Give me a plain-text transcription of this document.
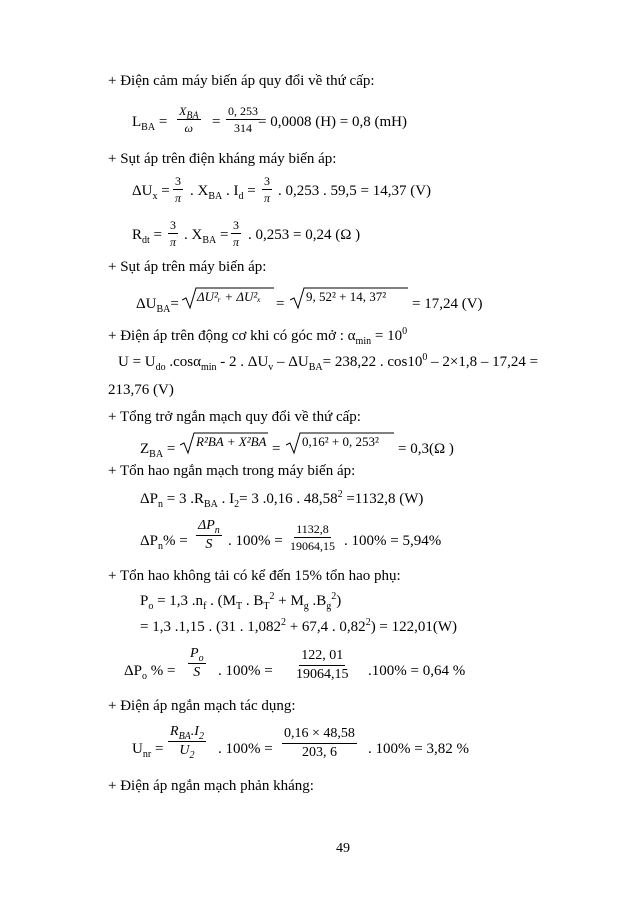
+ Điện cảm máy biến áp quy đổi về thứ cấp:
$L_{BA}$ =
$X_{BA}$
$\omega = \frac{0, 253}{314}$
= 0,0008 (H) = 0,8 (mH)
+ Sụt áp trên điện kháng máy biến áp:
$\Delta U_x = \frac{3}{\pi}$ . $X_{BA}$ . $I_d = \frac{3}{\pi}$ . 0,253 . 59,5 = 14,37 (V)
$R_{dt} = \frac{3}{\pi}$ . $X_{BA} = \frac{3}{\pi}$ . 0,253 = 0,24 (Ω )
+ Sụt áp trên máy biến áp:
$\Delta U_{BA}=$ ΔU²ᵣ + ΔU²ₓ = 9, 52² + 14, 37² = 17,24 (V)
+ Điện áp trên động cơ khi có góc mở : $\alpha_{min} = 10^0$
$U = U_{do}$ .cosα$_{min}$ - 2 . $\Delta U_v - \Delta U_{BA}= 238,22$ . $\cos 10^0 - 2\times 1,8 - 17,24$ =
213,76 (V)
+ Tổng trở ngắn mạch quy đổi về thứ cấp:
$Z_{BA} = R^2BA + X^2BA = 0,16^2 + 0$, 253² = 0,3(Ω )
+ Tổn hao ngắn mạch trong máy biến áp:
$\Delta P_n = 3$ $.R_{BA}$ . $I_2= 3$ .0,16 . $48,58^2 =1132,8$ (W)
$\Delta P_n\%$ =
$\Delta P_n$
S . $100\% = \frac{1132,8}{19064,15}$ . 100% = 5,94%
+ Tổn hao không tải có kể đến 15% tổn hao phụ:
$P_o = 1,3$ $.n_f$ . ($M_T$ . $B_T^2 + M_g$ $.B_g^2$)
= 1,3 .1,15 . (31 . $1,082^2 + 67,4$ . $0,82^2) = 122,01(W)$
$\Delta P_o$ % = $\frac{P_o}{S}$ . $100\% = \frac{122, 01}{19064,15} .100\% = 0,64$ %
+ Điện áp ngắn mạch tác dụng:
$U_{nr}$ =
$R_{BA}.I_2$
$U_2$ . $100\% = \frac{0,16 \times 48,58}{203, 6}$ . 100% = 3,82 %
+ Điện áp ngắn mạch phản kháng:
49
